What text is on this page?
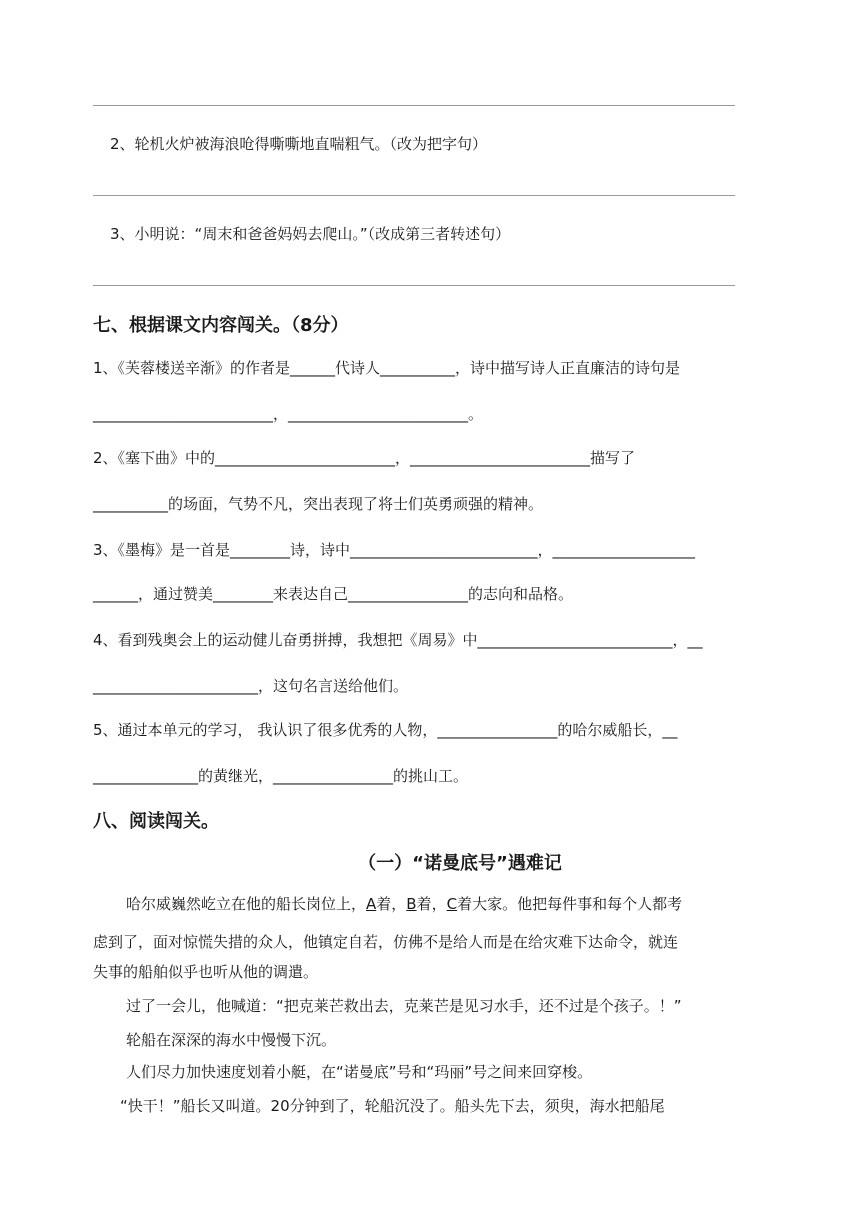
2、轮机火炉被海浪呛得嘶嘶地直喘粗气。（改为把字句）
3、小明说：“周末和爸爸妈妈去爬山。”（改成第三者转述句）
七、根据课文内容闯关。（8分）
1、《芙蓉楼送辛渐》的作者是______代诗人__________，诗中描写诗人正直廉洁的诗句是
________________________，________________________。
2、《塞下曲》中的________________________，________________________描写了
__________的场面，气势不凡，突出表现了将士们英勇顽强的精神。
3、《墨梅》是一首是________诗，诗中_________________________，___________________
______，通过赞美________来表达自己________________的志向和品格。
4、看到残奥会上的运动健儿奋勇拼搏，我想把《周易》中__________________________，__
______________________，这句名言送给他们。
5、通过本单元的学习， 我认识了很多优秀的人物，________________的哈尔威船长，__
______________的黄继光，________________的挑山工。
八、阅读闯关。
（一）“诺曼底号”遇难记
哈尔威巍然屹立在他的船长岗位上，A着，B着，C着大家。他把每件事和每个人都考
虑到了，面对惊慌失措的众人，他镇定自若，仿佛不是给人而是在给灾难下达命令，就连
失事的船舶似乎也听从他的调遣。
过了一会儿，他喊道：“把克莱芒救出去，克莱芒是见习水手，还不过是个孩子。！”
轮船在深深的海水中慢慢下沉。
人们尽力加快速度划着小艇，在“诺曼底”号和“玛丽”号之间来回穿梭。
“快干！”船长又叫道。20分钟到了，轮船沉没了。船头先下去，须臾，海水把船尾
